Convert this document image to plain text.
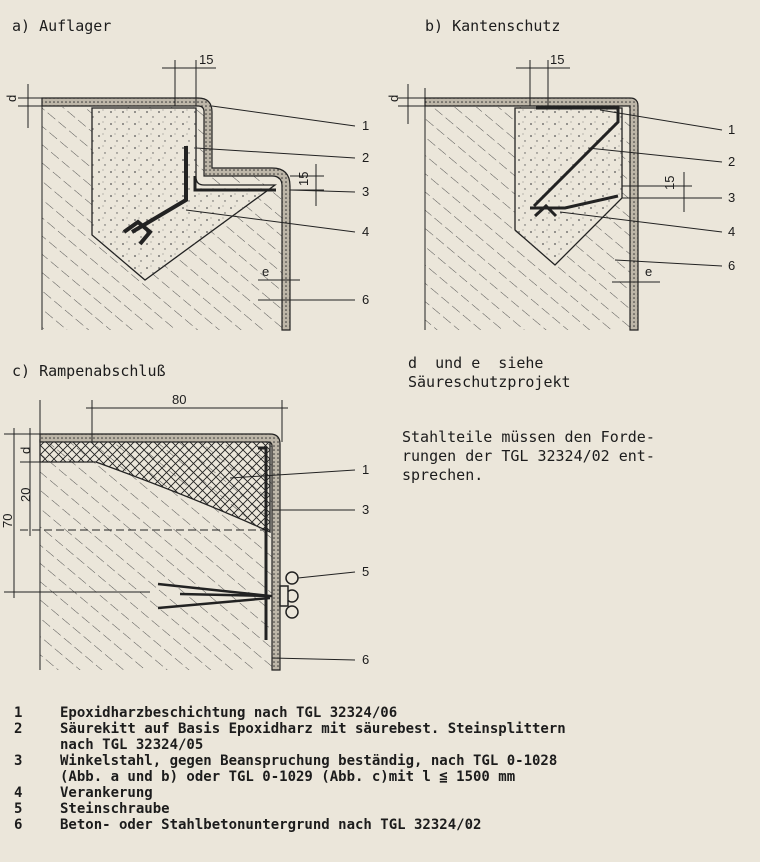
a) Auflager
15
d
15
e
1
2
3
4
6
b) Kantenschutz
15
d
15
e
1
2
3
4
6
c) Rampenabschluß
80
d
20
70
1
3
5
6
d  und e  siehe
Säureschutzprojekt
Stahlteile müssen den Forde-
rungen der TGL 32324/02 ent-
sprechen.
1	Epoxidharzbeschichtung nach TGL 32324/06
2	Säurekitt auf Basis Epoxidharz mit säurebest. Steinsplittern
nach TGL 32324/05
3	Winkelstahl, gegen Beanspruchung beständig, nach TGL 0-1028
(Abb. a und b) oder TGL 0-1029 (Abb. c)mit l ≦ 1500 mm
4	Verankerung
5	Steinschraube
6	Beton- oder Stahlbetonuntergrund nach TGL 32324/02
